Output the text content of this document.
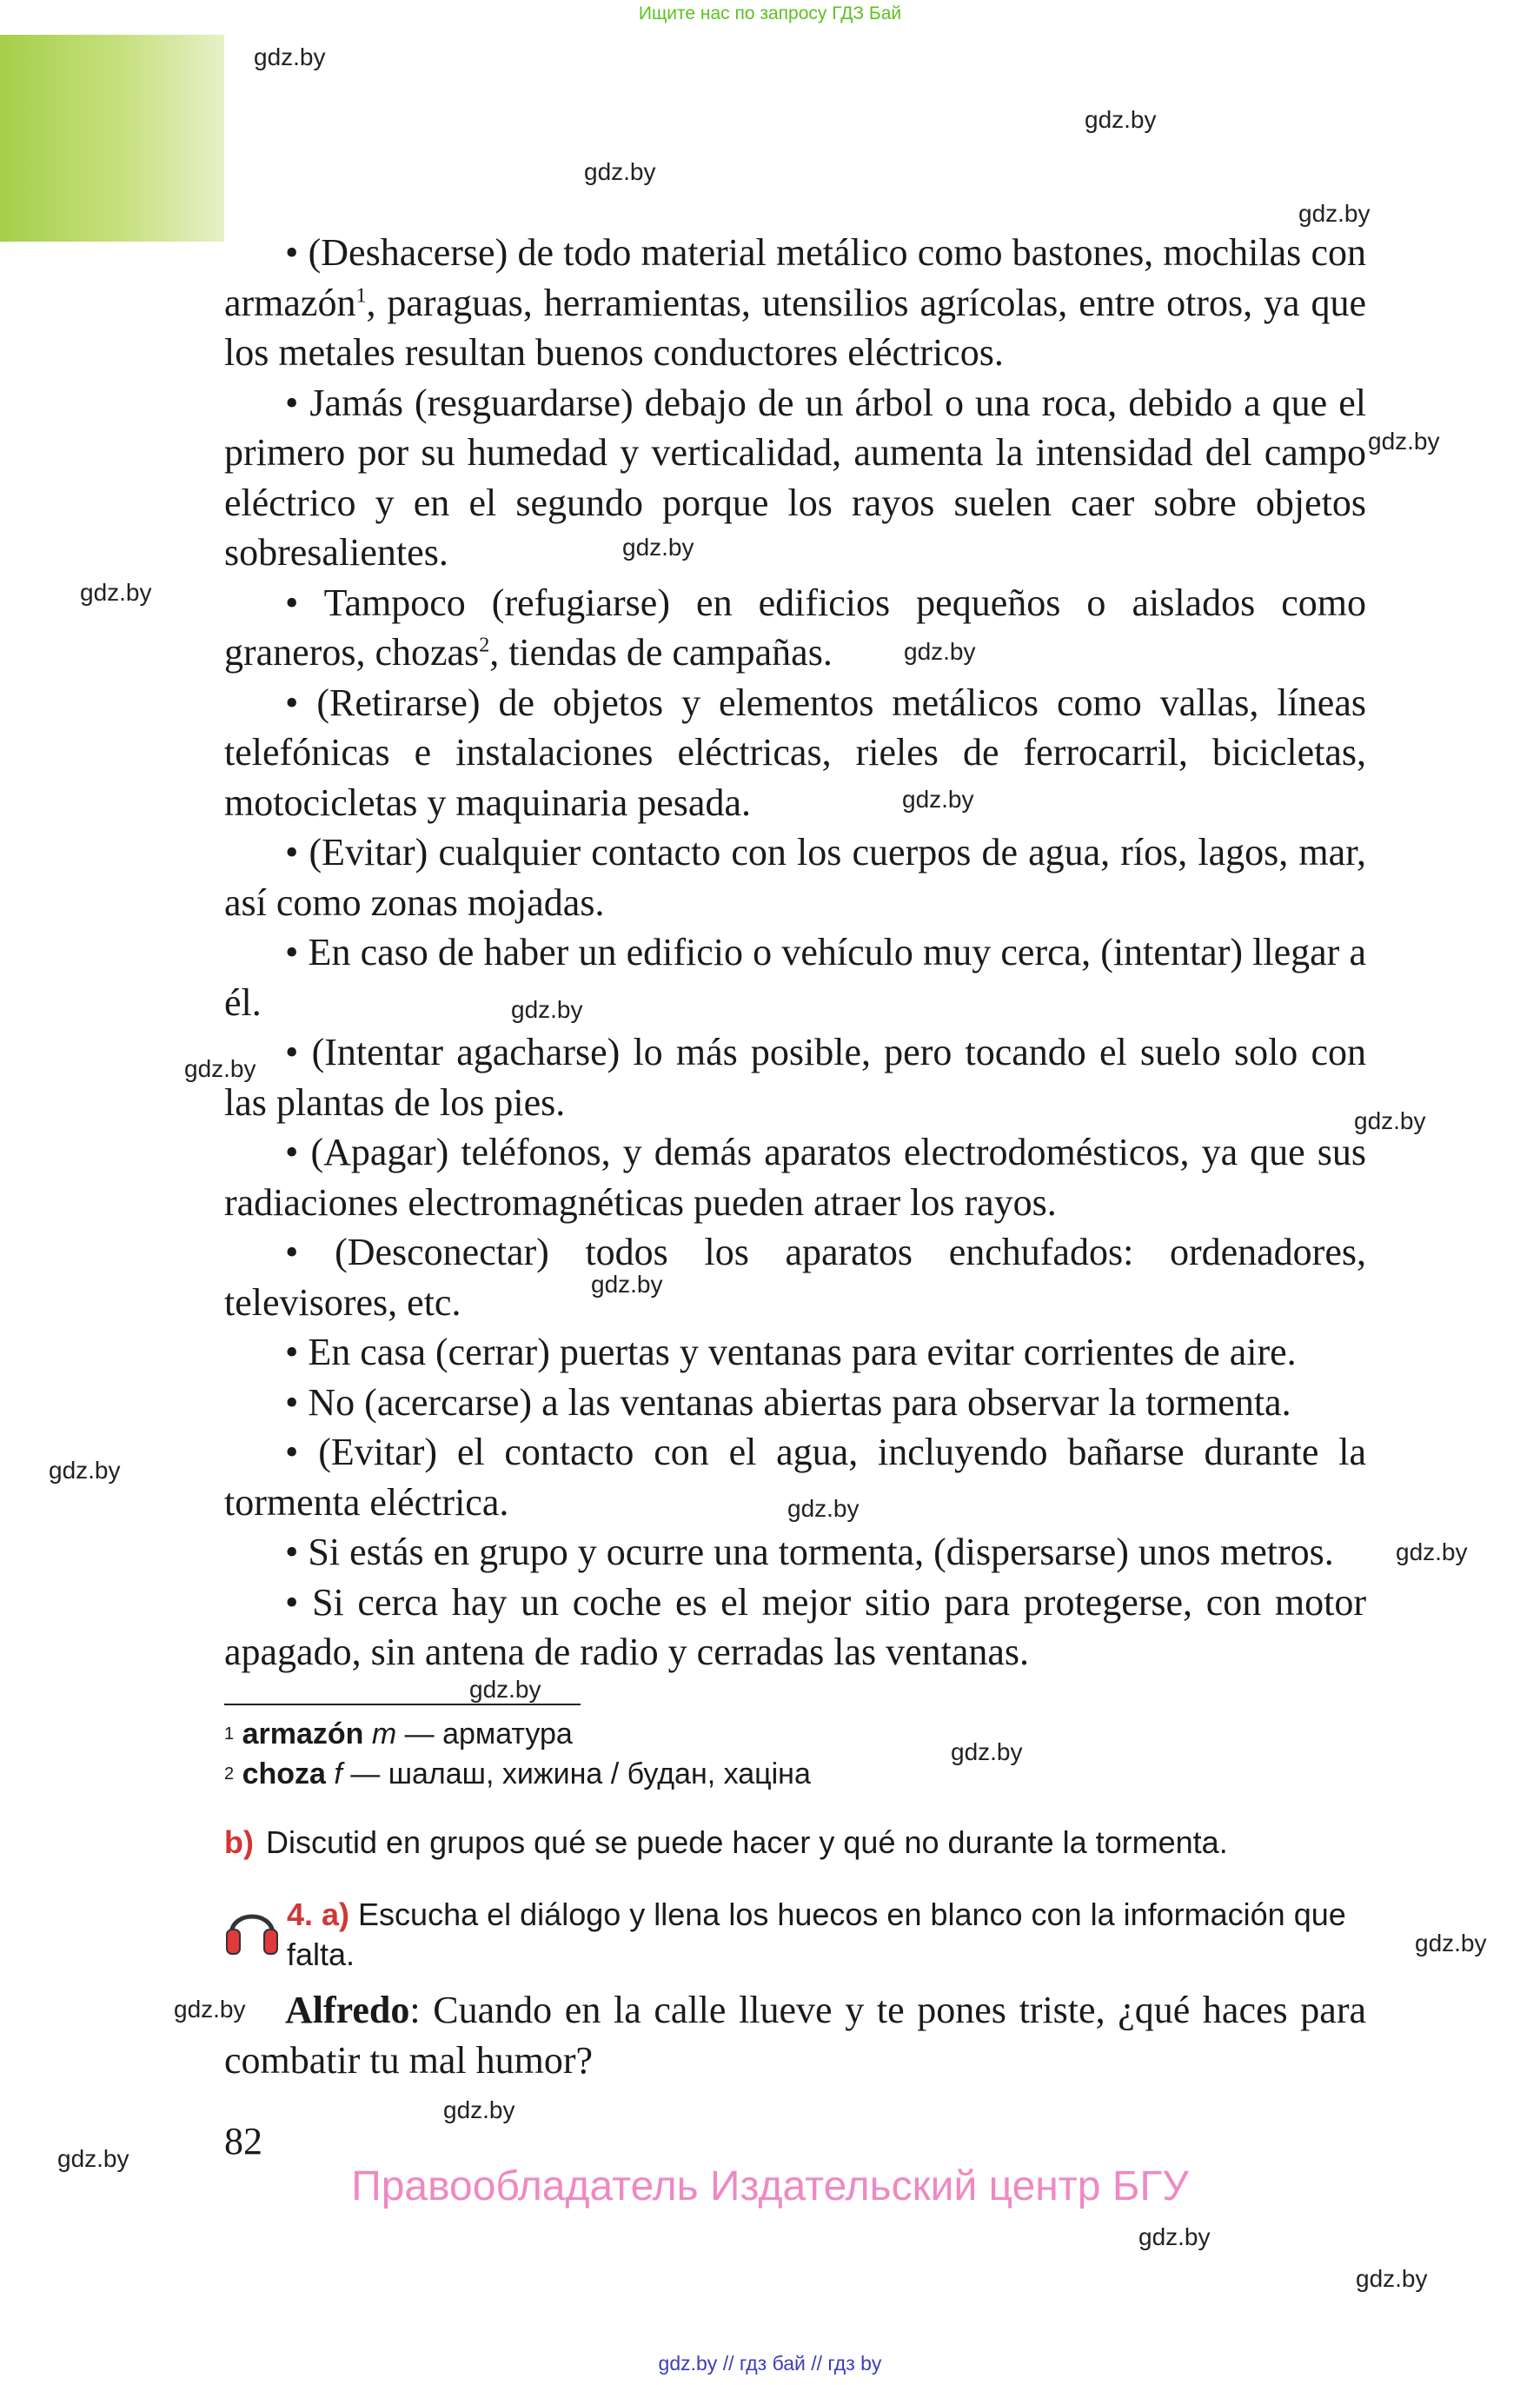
Ищите нас по запросу ГДЗ Бай
gdz.by
gdz.by
gdz.by
gdz.by
gdz.by
gdz.by
gdz.by
gdz.by
gdz.by
gdz.by
gdz.by
gdz.by
gdz.by
gdz.by
gdz.by
gdz.by
gdz.by
gdz.by
gdz.by
gdz.by
gdz.by
gdz.by
gdz.by
gdz.by

• (Deshacerse) de todo material metálico como bastones, mochilas con armazón$^1$, paraguas, herramientas, utensilios agrícolas, entre otros, ya que los metales resultan buenos conductores eléctricos.

• Jamás (resguardarse) debajo de un árbol o una roca, debido a que el primero por su humedad y verticalidad, aumenta la intensidad del campo eléctrico y en el segundo porque los rayos suelen caer sobre objetos sobresalientes.

• Tampoco (refugiarse) en edificios pequeños o aislados como graneros, chozas$^2$, tiendas de campañas.

• (Retirarse) de objetos y elementos metálicos como vallas, líneas telefónicas e instalaciones eléctricas, rieles de ferrocarril, bicicletas, motocicletas y maquinaria pesada.

• (Evitar) cualquier contacto con los cuerpos de agua, ríos, lagos, mar, así como zonas mojadas.

• En caso de haber un edificio o vehículo muy cerca, (intentar) llegar a él.

• (Intentar agacharse) lo más posible, pero tocando el suelo solo con las plantas de los pies.

• (Apagar) teléfonos, y demás aparatos electrodomésticos, ya que sus radiaciones electromagnéticas pueden atraer los rayos.

• (Desconectar) todos los aparatos enchufados: ordenadores, televisores, etc.

• En casa (cerrar) puertas y ventanas para evitar corrientes de aire.

• No (acercarse) a las ventanas abiertas para observar la tormenta.

• (Evitar) el contacto con el agua, incluyendo bañarse durante la tormenta eléctrica.

• Si estás en grupo y ocurre una tormenta, (dispersarse) unos metros.

• Si cerca hay un coche es el mejor sitio para protegerse, con motor apagado, sin antena de radio y cerradas las ventanas.

$^1$ armazón m — арматура
$^2$ choza f — шалаш, хижина / будан, хаціна
b) Discutid en grupos qué se puede hacer y qué no durante la tormenta.
4. a) Escucha el diálogo y llena los huecos en blanco con la información que falta.

Alfredo: Cuando en la calle llueve y te pones triste, ¿qué haces para combatir tu mal humor?

82
Правообладатель Издательский центр БГУ
gdz.by // гдз бай // гдз by
